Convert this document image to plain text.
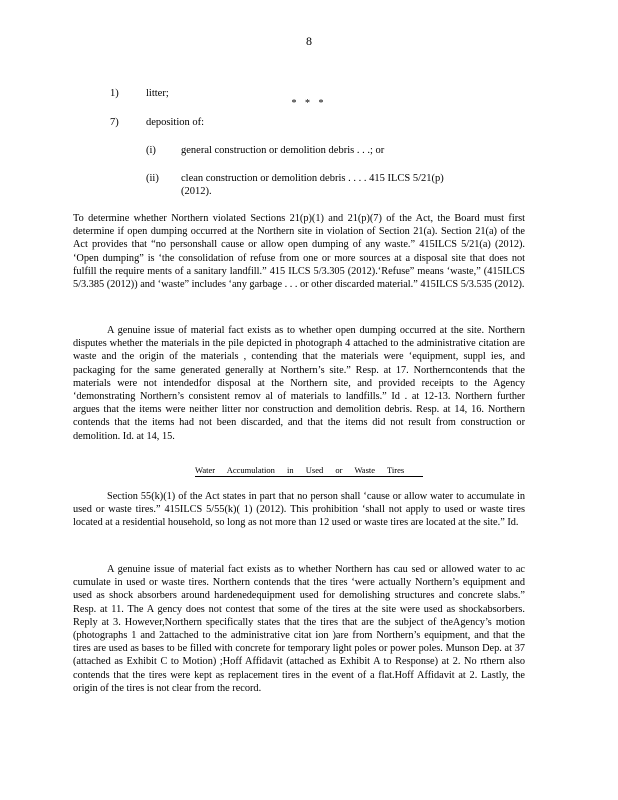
8
1)	litter;
* * *
7)	deposition of:
(i) general construction or demolition debris . . .; or
(ii) clean construction or demolition debris . . . . 415 ILCS 5/21(p) (2012).

To determine whether Northern violated Sections 21(p)(1) and 21(p)(7) of the Act, the Board must first determine if open dumping occurred at the Northern site in violation of Section 21(a). Section 21(a) of the Act provides that “no personshall cause or allow open dumping of any waste.” 415ILCS 5/21(a) (2012). ‘Open dumping” is ‘the consolidation of refuse from one or more sources at a disposal site that does not fulfill the require ments of a sanitary landfill.” 415 ILCS 5/3.305 (2012).‘Refuse” means ‘waste,” (415ILCS 5/3.385 (2012)) and ‘waste” includes ‘any garbage . . . or other discarded material.” 415ILCS 5/3.535 (2012).

A genuine issue of material fact exists as to whether open dumping occurred at the site. Northern disputes whether the materials in the pile depicted in photograph 4 attached to the administrative citation are waste and the origin of the materials , contending that the materials were ‘equipment, suppl ies, and packaging for the same generated generally at Northern’s site.” Resp. at 17. Northerncontends that the materials were not intendedfor disposal at the Northern site, and provided receipts to the Agency ‘demonstrating Northern’s consistent remov al of materials to landfills.” Id . at 12-13. Northern further argues that the items were neither litter nor construction and demolition debris. Resp. at 14, 16. Northern contends that the items had not been discarded, and that the items did not result from construction or demolition. Id. at 14, 15.

Water Accumulation in Used or Waste Tires

Section 55(k)(1) of the Act states in part that no person shall ‘cause or allow water to accumulate in used or waste tires.” 415ILCS 5/55(k)( 1) (2012). This prohibition ‘shall not apply to used or waste tires located at a residential household, so long as not more than 12 used or waste tires are located at the site.” Id.

A genuine issue of material fact exists as to whether Northern has cau sed or allowed water to ac cumulate in used or waste tires. Northern contends that the tires ‘were actually Northern’s equipment and used as shock absorbers around hardenedequipment used for demolishing structures and concrete slabs.” Resp. at 11. The A gency does not contest that some of the tires at the site were used as shockabsorbers. Reply at 3. However,Northern specifically states that the tires that are the subject of theAgency’s motion (photographs 1 and 2attached to the administrative citat ion )are from Northern’s equipment, and that the tires are used as bases to be filled with concrete for temporary light poles or power poles. Munson Dep. at 37 (attached as Exhibit C to Motion) ;Hoff Affidavit (attached as Exhibit A to Response) at 2. No rthern also contends that the tires were kept as replacement tires in the event of a flat.Hoff Affidavit at 2. Lastly, the origin of the tires is not clear from the record.
